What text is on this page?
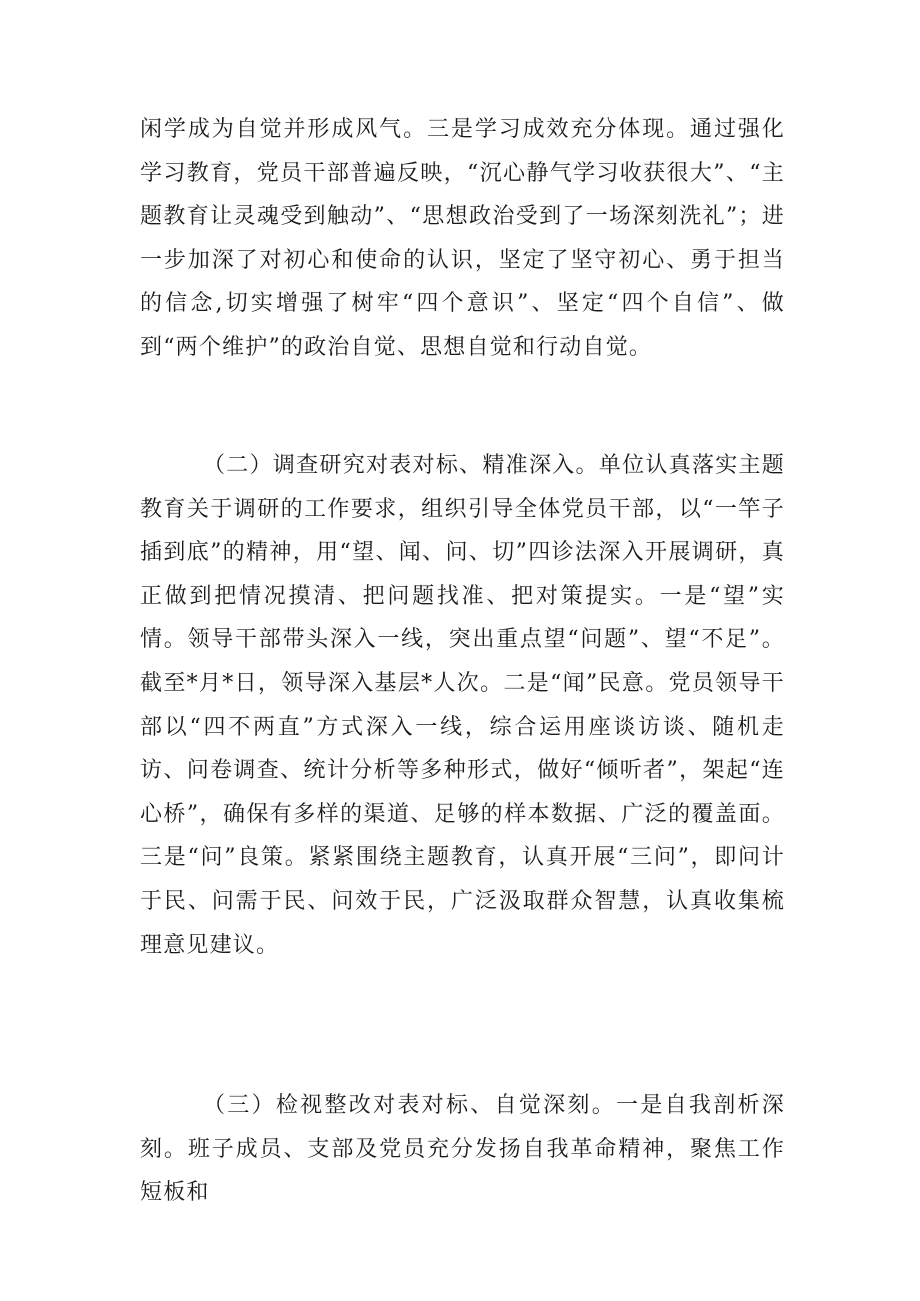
闲学成为自觉并形成风气。三是学习成效充分体现。通过强化学习教育，党员干部普遍反映，“沉心静气学习收获很大”、“主题教育让灵魂受到触动”、“思想政治受到了一场深刻洗礼”；进一步加深了对初心和使命的认识，坚定了坚守初心、勇于担当的信念,切实增强了树牢“四个意识”、坚定“四个自信”、做到“两个维护”的政治自觉、思想自觉和行动自觉。

（二）调查研究对表对标、精准深入。单位认真落实主题教育关于调研的工作要求，组织引导全体党员干部，以“一竿子插到底”的精神，用“望、闻、问、切”四诊法深入开展调研，真正做到把情况摸清、把问题找准、把对策提实。一是“望”实情。领导干部带头深入一线，突出重点望“问题”、望“不足”。截至*月*日，领导深入基层*人次。二是“闻”民意。党员领导干部以“四不两直”方式深入一线，综合运用座谈访谈、随机走访、问卷调查、统计分析等多种形式，做好“倾听者”，架起“连心桥”，确保有多样的渠道、足够的样本数据、广泛的覆盖面。三是“问”良策。紧紧围绕主题教育，认真开展“三问”，即问计于民、问需于民、问效于民，广泛汲取群众智慧，认真收集梳理意见建议。

（三）检视整改对表对标、自觉深刻。一是自我剖析深刻。班子成员、支部及党员充分发扬自我革命精神，聚焦工作短板和
